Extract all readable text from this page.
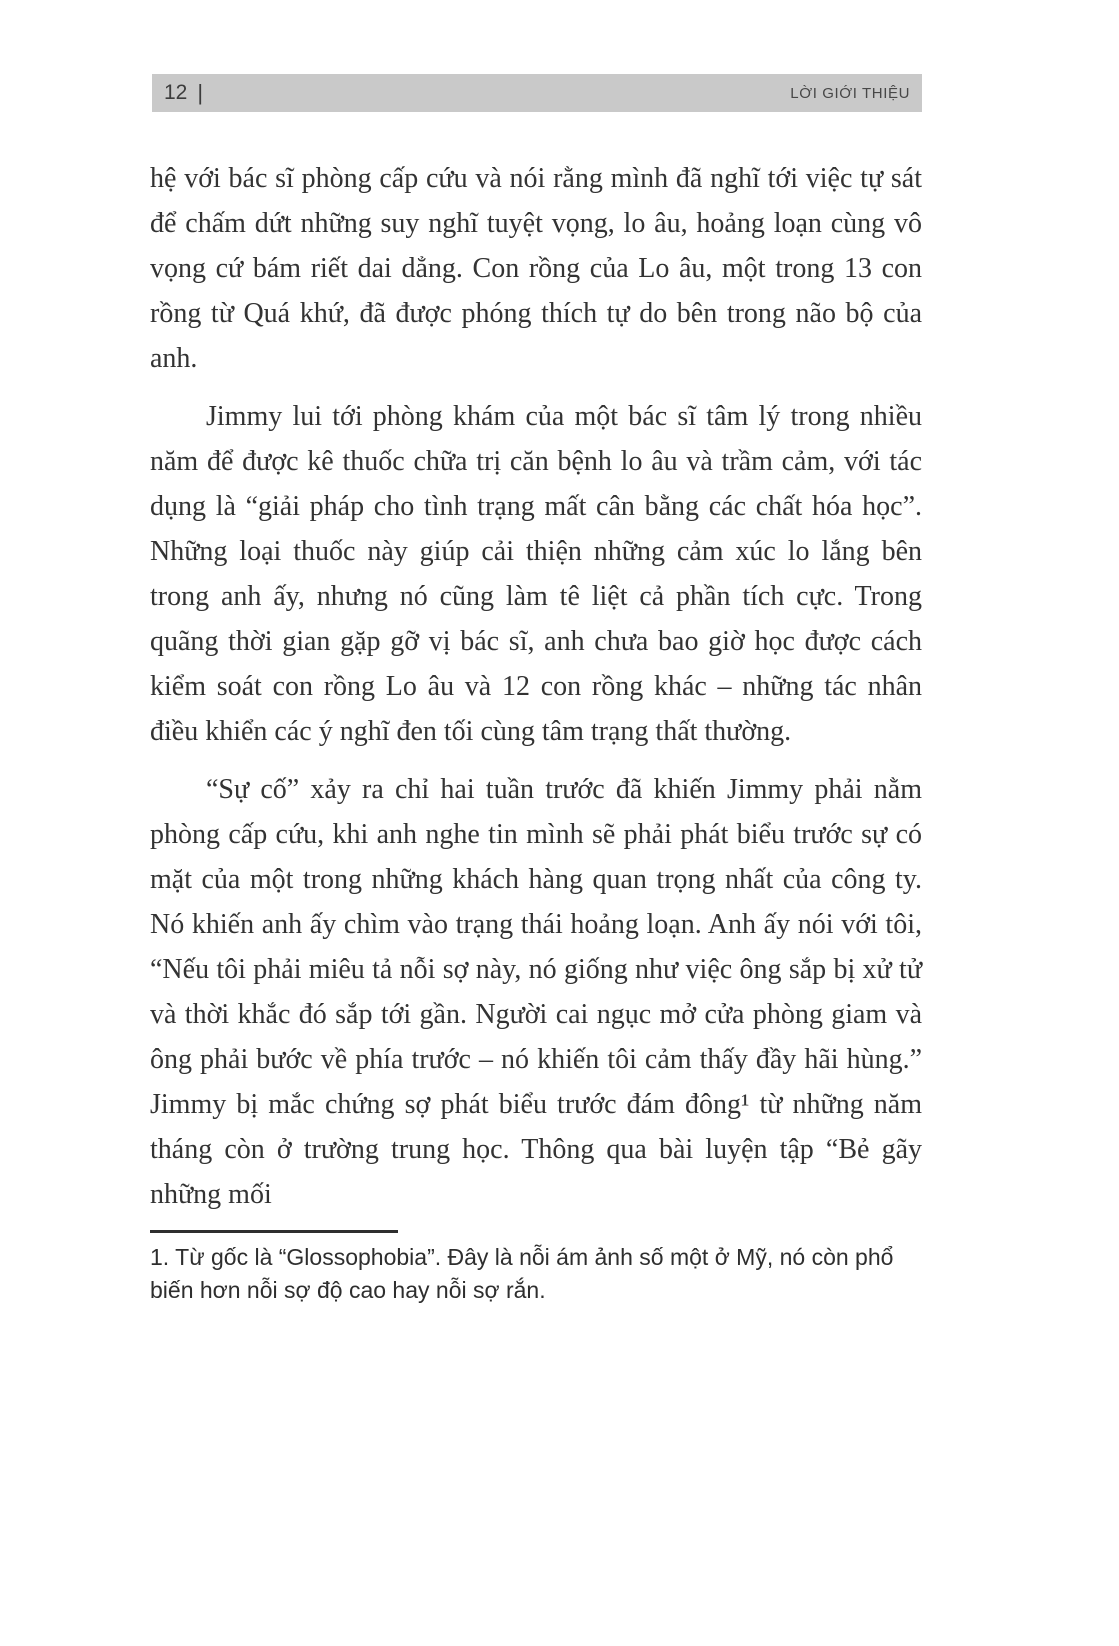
12 |	LỜI GIỚI THIỆU

hệ với bác sĩ phòng cấp cứu và nói rằng mình đã nghĩ tới việc tự sát để chấm dứt những suy nghĩ tuyệt vọng, lo âu, hoảng loạn cùng vô vọng cứ bám riết dai dẳng. Con rồng của Lo âu, một trong 13 con rồng từ Quá khứ, đã được phóng thích tự do bên trong não bộ của anh.

Jimmy lui tới phòng khám của một bác sĩ tâm lý trong nhiều năm để được kê thuốc chữa trị căn bệnh lo âu và trầm cảm, với tác dụng là “giải pháp cho tình trạng mất cân bằng các chất hóa học”. Những loại thuốc này giúp cải thiện những cảm xúc lo lắng bên trong anh ấy, nhưng nó cũng làm tê liệt cả phần tích cực. Trong quãng thời gian gặp gỡ vị bác sĩ, anh chưa bao giờ học được cách kiểm soát con rồng Lo âu và 12 con rồng khác – những tác nhân điều khiển các ý nghĩ đen tối cùng tâm trạng thất thường.

“Sự cố” xảy ra chỉ hai tuần trước đã khiến Jimmy phải nằm phòng cấp cứu, khi anh nghe tin mình sẽ phải phát biểu trước sự có mặt của một trong những khách hàng quan trọng nhất của công ty. Nó khiến anh ấy chìm vào trạng thái hoảng loạn. Anh ấy nói với tôi, “Nếu tôi phải miêu tả nỗi sợ này, nó giống như việc ông sắp bị xử tử và thời khắc đó sắp tới gần. Người cai ngục mở cửa phòng giam và ông phải bước về phía trước – nó khiến tôi cảm thấy đầy hãi hùng.” Jimmy bị mắc chứng sợ phát biểu trước đám đông¹ từ những năm tháng còn ở trường trung học. Thông qua bài luyện tập “Bẻ gãy những mối

1. Từ gốc là “Glossophobia”. Đây là nỗi ám ảnh số một ở Mỹ, nó còn phổ biến hơn nỗi sợ độ cao hay nỗi sợ rắn.
